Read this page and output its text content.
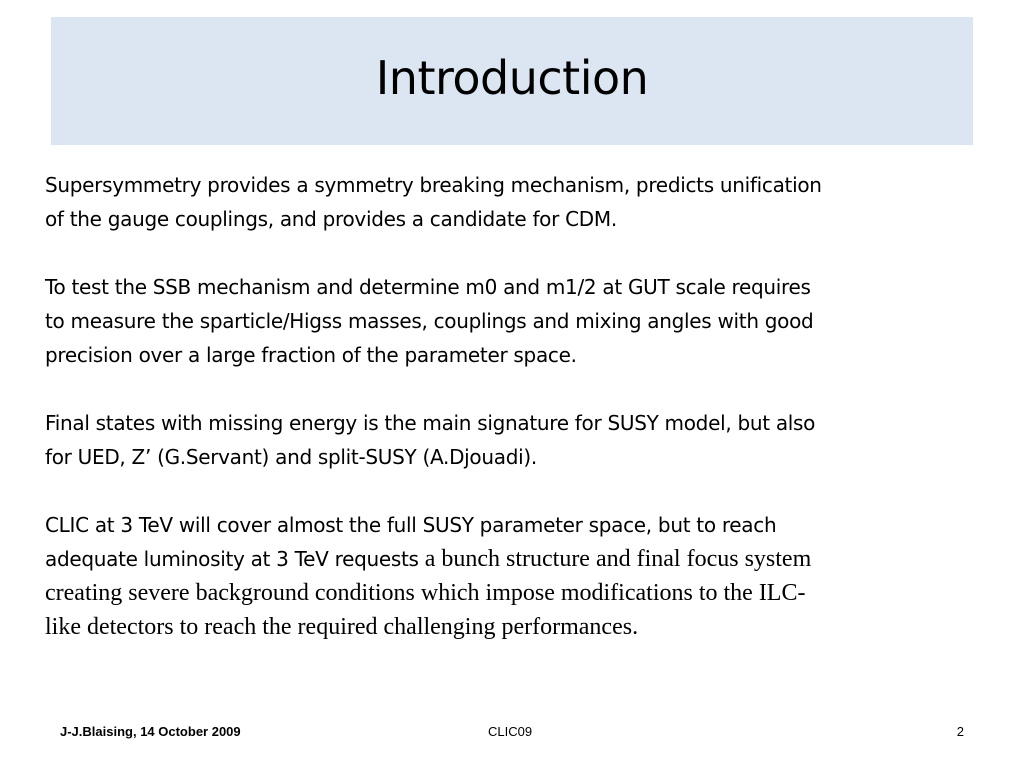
Introduction

Supersymmetry provides a symmetry breaking mechanism, predicts unification
of the gauge couplings, and provides a candidate for CDM.

To test the SSB mechanism and determine m0 and m1/2 at GUT scale requires
to measure the sparticle/Higss masses, couplings and mixing angles with good
precision over a large fraction of the parameter space.

Final states with missing energy is the main signature for SUSY model, but also
for UED, Z’ (G.Servant) and split-SUSY (A.Djouadi).

CLIC at 3 TeV will cover almost the full SUSY parameter space, but to reach
adequate luminosity at 3 TeV requests a bunch structure and final focus system
creating severe background conditions which impose modifications to the ILC-
like detectors to reach the required challenging performances.

J-J.Blaising, 14 October 2009	CLIC09	2
